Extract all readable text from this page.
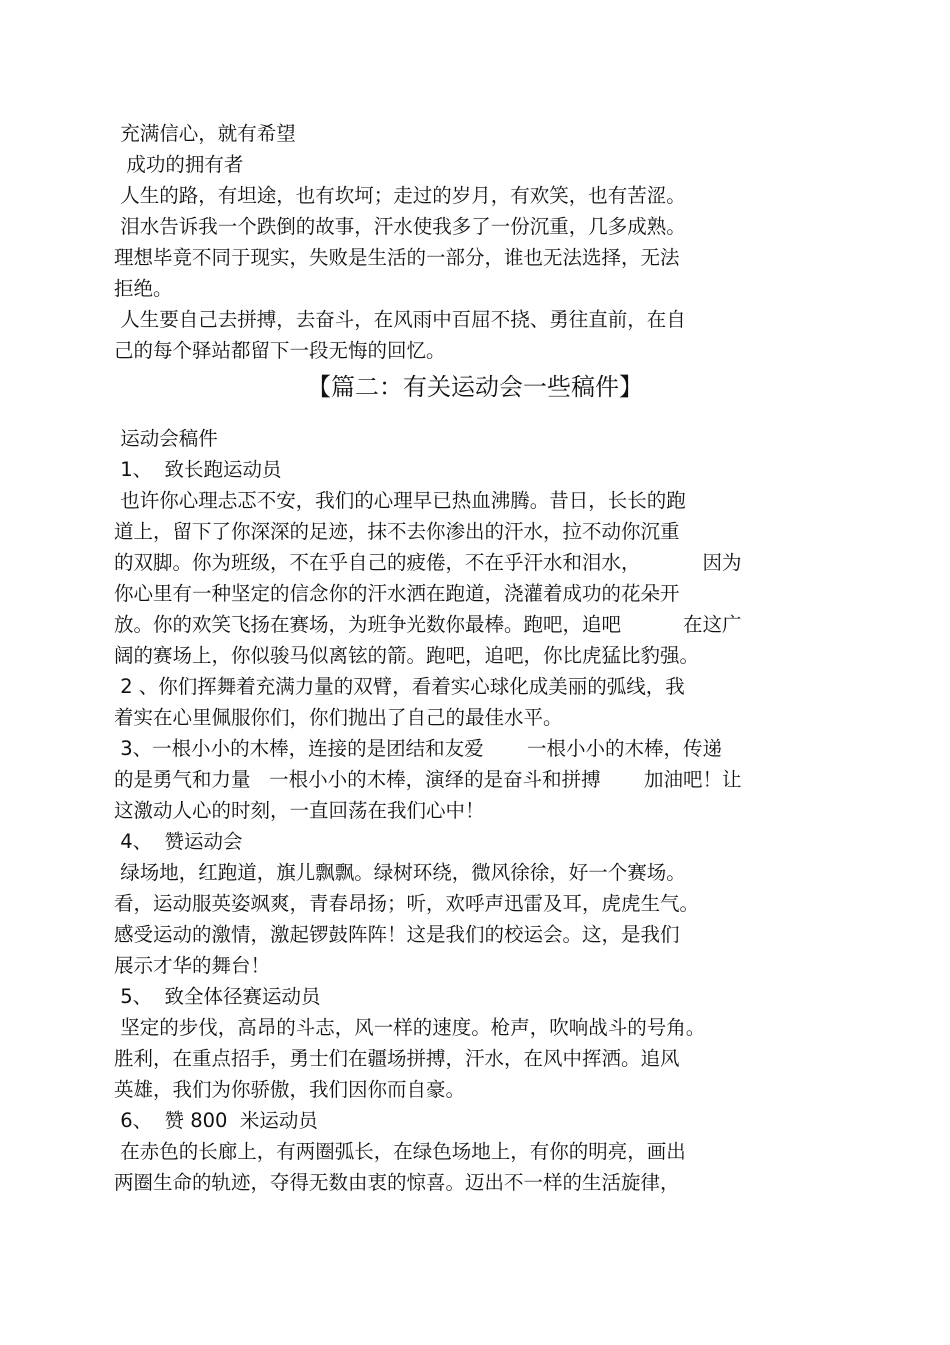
充满信心，就有希望
成功的拥有者
人生的路，有坦途，也有坎坷；走过的岁月，有欢笑，也有苦涩。
泪水告诉我一个跌倒的故事，汗水使我多了一份沉重，几多成熟。
理想毕竟不同于现实，失败是生活的一部分，谁也无法选择，无法
拒绝。
人生要自己去拼搏，去奋斗，在风雨中百屈不挠、勇往直前，在自
己的每个驿站都留下一段无悔的回忆。
【篇二：有关运动会一些稿件】
运动会稿件
1、  致长跑运动员
也许你心理忐忑不安，我们的心理早已热血沸腾。昔日，长长的跑
道上，留下了你深深的足迹，抹不去你渗出的汗水，拉不动你沉重
的双脚。你为班级，不在乎自己的疲倦，不在乎汗水和泪水，          因为
你心里有一种坚定的信念你的汗水洒在跑道，浇灌着成功的花朵开
放。你的欢笑飞扬在赛场，为班争光数你最棒。跑吧，追吧          在这广
阔的赛场上，你似骏马似离铉的箭。跑吧，追吧，你比虎猛比豹强。
2 、你们挥舞着充满力量的双臂，看着实心球化成美丽的弧线，我
着实在心里佩服你们，你们抛出了自己的最佳水平。
3、一根小小的木棒，连接的是团结和友爱       一根小小的木棒，传递
的是勇气和力量   一根小小的木棒，演绎的是奋斗和拼搏       加油吧！让
这激动人心的时刻，一直回荡在我们心中！
4、  赞运动会
绿场地，红跑道，旗儿飘飘。绿树环绕，微风徐徐，好一个赛场。
看，运动服英姿飒爽，青春昂扬；听，欢呼声迅雷及耳，虎虎生气。
感受运动的激情，激起锣鼓阵阵！这是我们的校运会。这，是我们
展示才华的舞台！
5、  致全体径赛运动员
坚定的步伐，高昂的斗志，风一样的速度。枪声，吹响战斗的号角。
胜利，在重点招手，勇士们在疆场拼搏，汗水，在风中挥洒。追风
英雄，我们为你骄傲，我们因你而自豪。
6、  赞 800  米运动员
在赤色的长廊上，有两圈弧长，在绿色场地上，有你的明亮，画出
两圈生命的轨迹，夺得无数由衷的惊喜。迈出不一样的生活旋律，
